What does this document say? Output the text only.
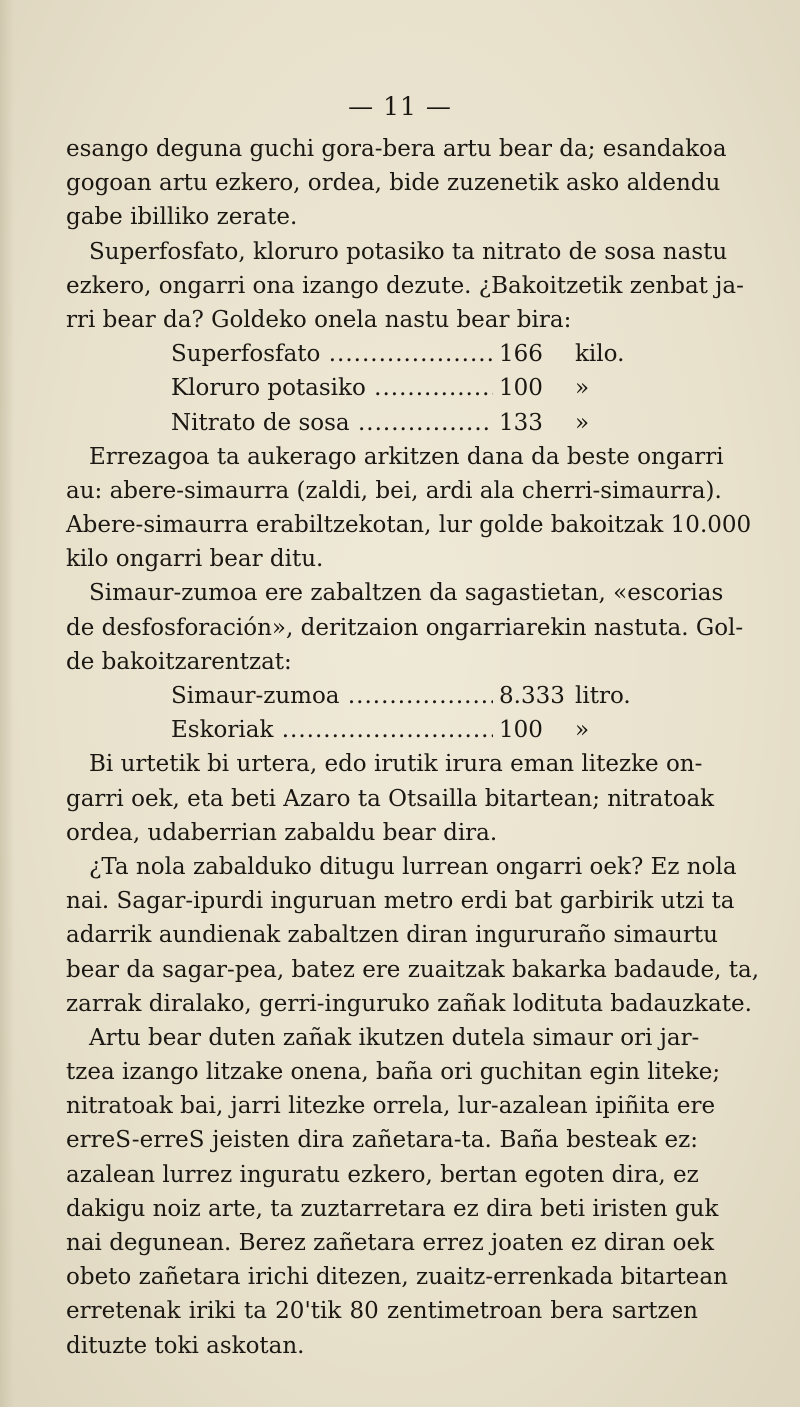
— 11 —
esango deguna guchi gora-bera artu bear da; esandakoa
gogoan artu ezkero, ordea, bide zuzenetik asko aldendu
gabe ibilliko zerate.
Superfosfato, kloruro potasiko ta nitrato de sosa nastu
ezkero, ongarri ona izango dezute. ¿Bakoitzetik zenbat ja-
rri bear da? Goldeko onela nastu bear bira:
Superfosfato .....	166	kilo.
Kloruro potasiko .....	100	»
Nitrato de sosa .....	133	»
Errezagoa ta aukerago arkitzen dana da beste ongarri
au: abere-simaurra (zaldi, bei, ardi ala cherri-simaurra).
Abere-simaurra erabiltzekotan, lur golde bakoitzak 10.000
kilo ongarri bear ditu.
Simaur-zumoa ere zabaltzen da sagastietan, «escorias
de desfosforación», deritzaion ongarriarekin nastuta. Gol-
de bakoitzarentzat:
Simaur-zumoa .....	8.333 litro.
Eskoriak .....	100	»
Bi urtetik bi urtera, edo irutik irura eman litezke on-
garri oek, eta beti Azaro ta Otsailla bitartean; nitratoak
ordea, udaberrian zabaldu bear dira.
¿Ta nola zabalduko ditugu lurrean ongarri oek? Ez nola
nai. Sagar-ipurdi inguruan metro erdi bat garbirik utzi ta
adarrik aundienak zabaltzen diran ingururaño simaurtu
bear da sagar-pea, batez ere zuaitzak bakarka badaude, ta,
zarrak diralako, gerri-inguruko zañak lodituta badauzkate.
Artu bear duten zañak ikutzen dutela simaur ori jar-
tzea izango litzake onena, baña ori guchitan egin liteke;
nitratoak bai, jarri litezke orrela, lur-azalean ipiñita ere
erreS-erreS jeisten dira zañetara-ta. Baña besteak ez:
azalean lurrez inguratu ezkero, bertan egoten dira, ez
dakigu noiz arte, ta zuztarretara ez dira beti iristen guk
nai degunean. Berez zañetara errez joaten ez diran oek
obeto zañetara irichi ditezen, zuaitz-errenkada bitartean
erretenak iriki ta 20'tik 80 zentimetroan bera sartzen
dituzte toki askotan.
